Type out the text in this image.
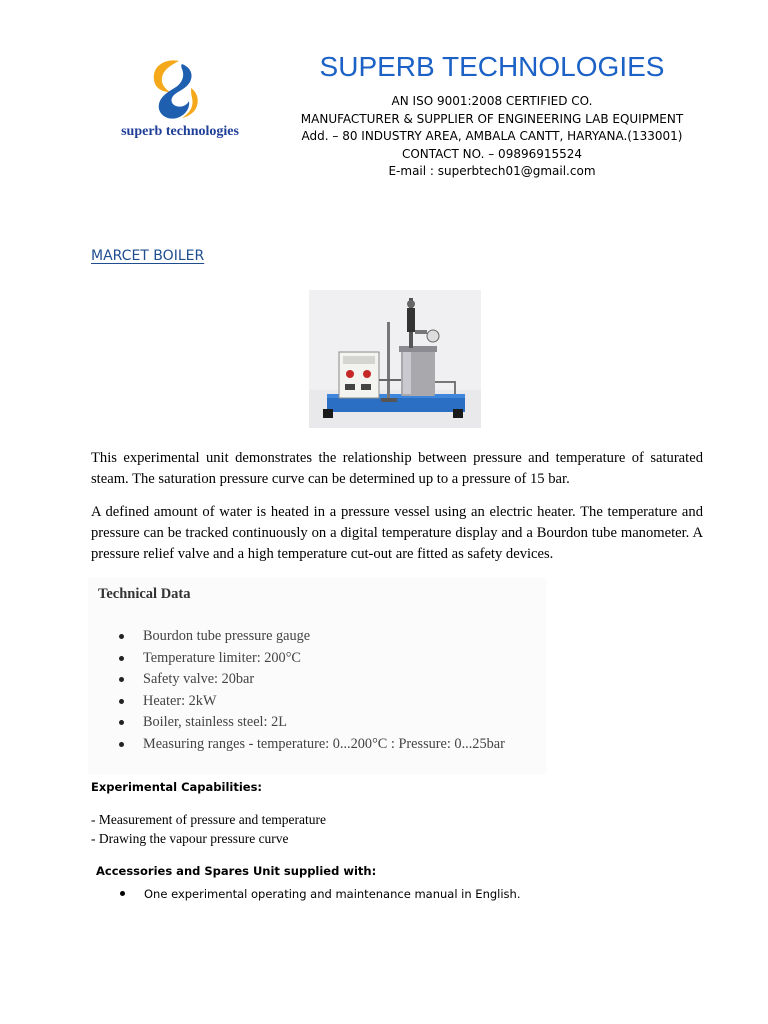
superb technologies
SUPERB TECHNOLOGIES
AN ISO 9001:2008 CERTIFIED CO.
MANUFACTURER & SUPPLIER OF ENGINEERING LAB EQUIPMENT
Add. – 80 INDUSTRY AREA, AMBALA CANTT, HARYANA.(133001)
CONTACT NO. – 09896915524
E-mail : superbtech01@gmail.com
MARCET BOILER

This experimental unit demonstrates the relationship between pressure and temperature of saturated steam. The saturation pressure curve can be determined up to a pressure of 15 bar.

A defined amount of water is heated in a pressure vessel using an electric heater. The temperature and pressure can be tracked continuously on a digital temperature display and a Bourdon tube manometer. A pressure relief valve and a high temperature cut-out are fitted as safety devices.

Technical Data
Bourdon tube pressure gauge
Temperature limiter: 200°C
Safety valve: 20bar
Heater: 2kW
Boiler, stainless steel: 2L
Measuring ranges - temperature: 0...200°C : Pressure: 0...25bar
Experimental Capabilities:
- Measurement of pressure and temperature
- Drawing the vapour pressure curve
Accessories and Spares Unit supplied with:
One experimental operating and maintenance manual in English.
